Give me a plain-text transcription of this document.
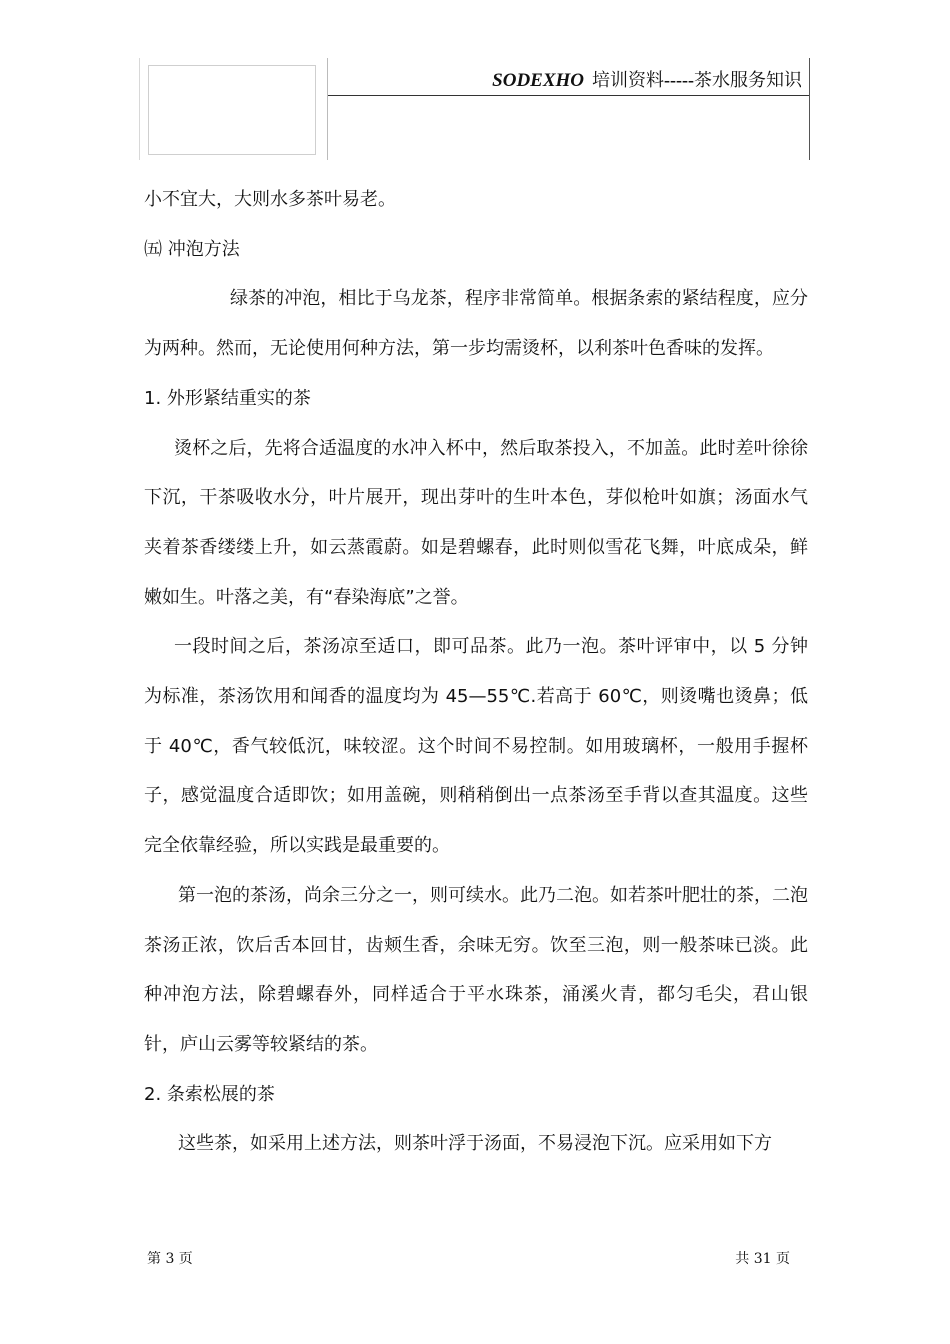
SODEXHO 培训资料-----茶水服务知识

小不宜大，大则水多茶叶易老。

㈤ 冲泡方法

绿茶的冲泡，相比于乌龙茶，程序非常简单。根据条索的紧结程度，应分为两种。然而，无论使用何种方法，第一步均需烫杯，以利茶叶色香味的发挥。

1. 外形紧结重实的茶

烫杯之后，先将合适温度的水冲入杯中，然后取茶投入，不加盖。此时差叶徐徐下沉，干茶吸收水分，叶片展开，现出芽叶的生叶本色，芽似枪叶如旗；汤面水气夹着茶香缕缕上升，如云蒸霞蔚。如是碧螺春，此时则似雪花飞舞，叶底成朵，鲜嫩如生。叶落之美，有“春染海底”之誉。

一段时间之后，茶汤凉至适口，即可品茶。此乃一泡。茶叶评审中，以 5 分钟为标准，茶汤饮用和闻香的温度均为 45—55℃.若高于 60℃，则烫嘴也烫鼻；低于 40℃，香气较低沉，味较涩。这个时间不易控制。如用玻璃杯，一般用手握杯子，感觉温度合适即饮；如用盖碗，则稍稍倒出一点茶汤至手背以查其温度。这些完全依靠经验，所以实践是最重要的。

第一泡的茶汤，尚余三分之一，则可续水。此乃二泡。如若茶叶肥壮的茶，二泡茶汤正浓，饮后舌本回甘，齿颊生香，余味无穷。饮至三泡，则一般茶味已淡。此种冲泡方法，除碧螺春外，同样适合于平水珠茶，涌溪火青，都匀毛尖，君山银针，庐山云雾等较紧结的茶。

2. 条索松展的茶

这些茶，如采用上述方法，则茶叶浮于汤面，不易浸泡下沉。应采用如下方

第 3 页	共 31 页
